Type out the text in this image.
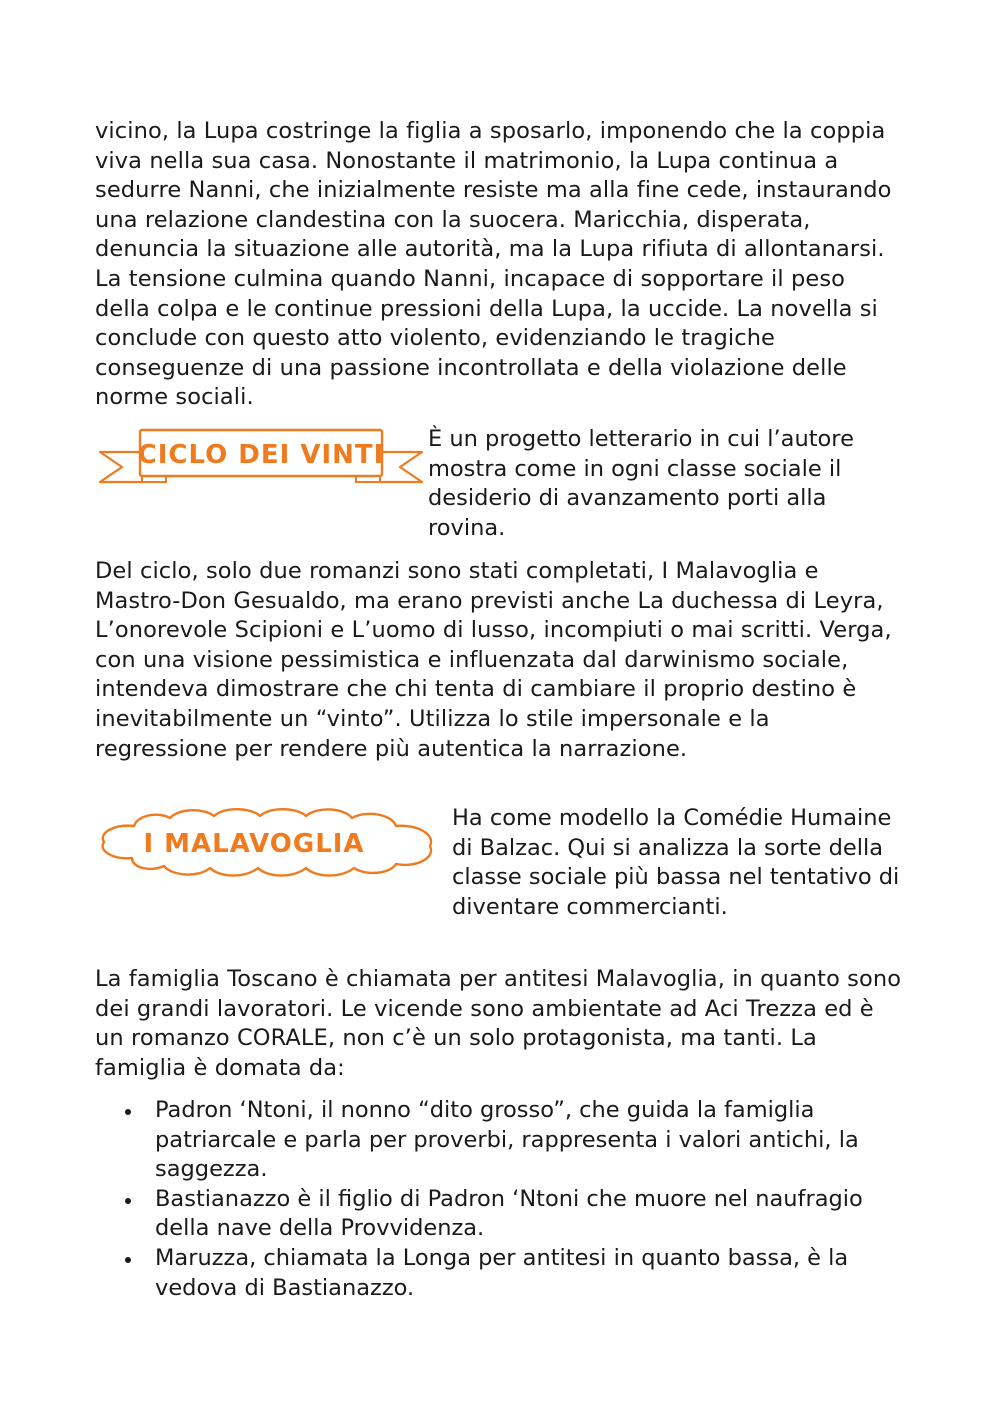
vicino, la Lupa costringe la figlia a sposarlo, imponendo che la coppia viva nella sua casa. Nonostante il matrimonio, la Lupa continua a sedurre Nanni, che inizialmente resiste ma alla fine cede, instaurando una relazione clandestina con la suocera. Maricchia, disperata, denuncia la situazione alle autorità, ma la Lupa rifiuta di allontanarsi. La tensione culmina quando Nanni, incapace di sopportare il peso della colpa e le continue pressioni della Lupa, la uccide. La novella si conclude con questo atto violento, evidenziando le tragiche conseguenze di una passione incontrollata e della violazione delle norme sociali.

CICLO DEI VINTI

È un progetto letterario in cui l’autore mostra come in ogni classe sociale il desiderio di avanzamento porti alla rovina.

Del ciclo, solo due romanzi sono stati completati, I Malavoglia e Mastro-Don Gesualdo, ma erano previsti anche La duchessa di Leyra, L’onorevole Scipioni e L’uomo di lusso, incompiuti o mai scritti. Verga, con una visione pessimistica e influenzata dal darwinismo sociale, intendeva dimostrare che chi tenta di cambiare il proprio destino è inevitabilmente un “vinto”. Utilizza lo stile impersonale e la regressione per rendere più autentica la narrazione.

I MALAVOGLIA

Ha come modello la Comédie Humaine di Balzac. Qui si analizza la sorte della classe sociale più bassa nel tentativo di diventare commercianti.

La famiglia Toscano è chiamata per antitesi Malavoglia, in quanto sono dei grandi lavoratori. Le vicende sono ambientate ad Aci Trezza ed è un romanzo CORALE, non c’è un solo protagonista, ma tanti. La famiglia è domata da:

Padron ‘Ntoni, il nonno “dito grosso”, che guida la famiglia patriarcale e parla per proverbi, rappresenta i valori antichi, la saggezza.
Bastianazzo è il figlio di Padron ‘Ntoni che muore nel naufragio della nave della Provvidenza.
Maruzza, chiamata la Longa per antitesi in quanto bassa, è la vedova di Bastianazzo.
